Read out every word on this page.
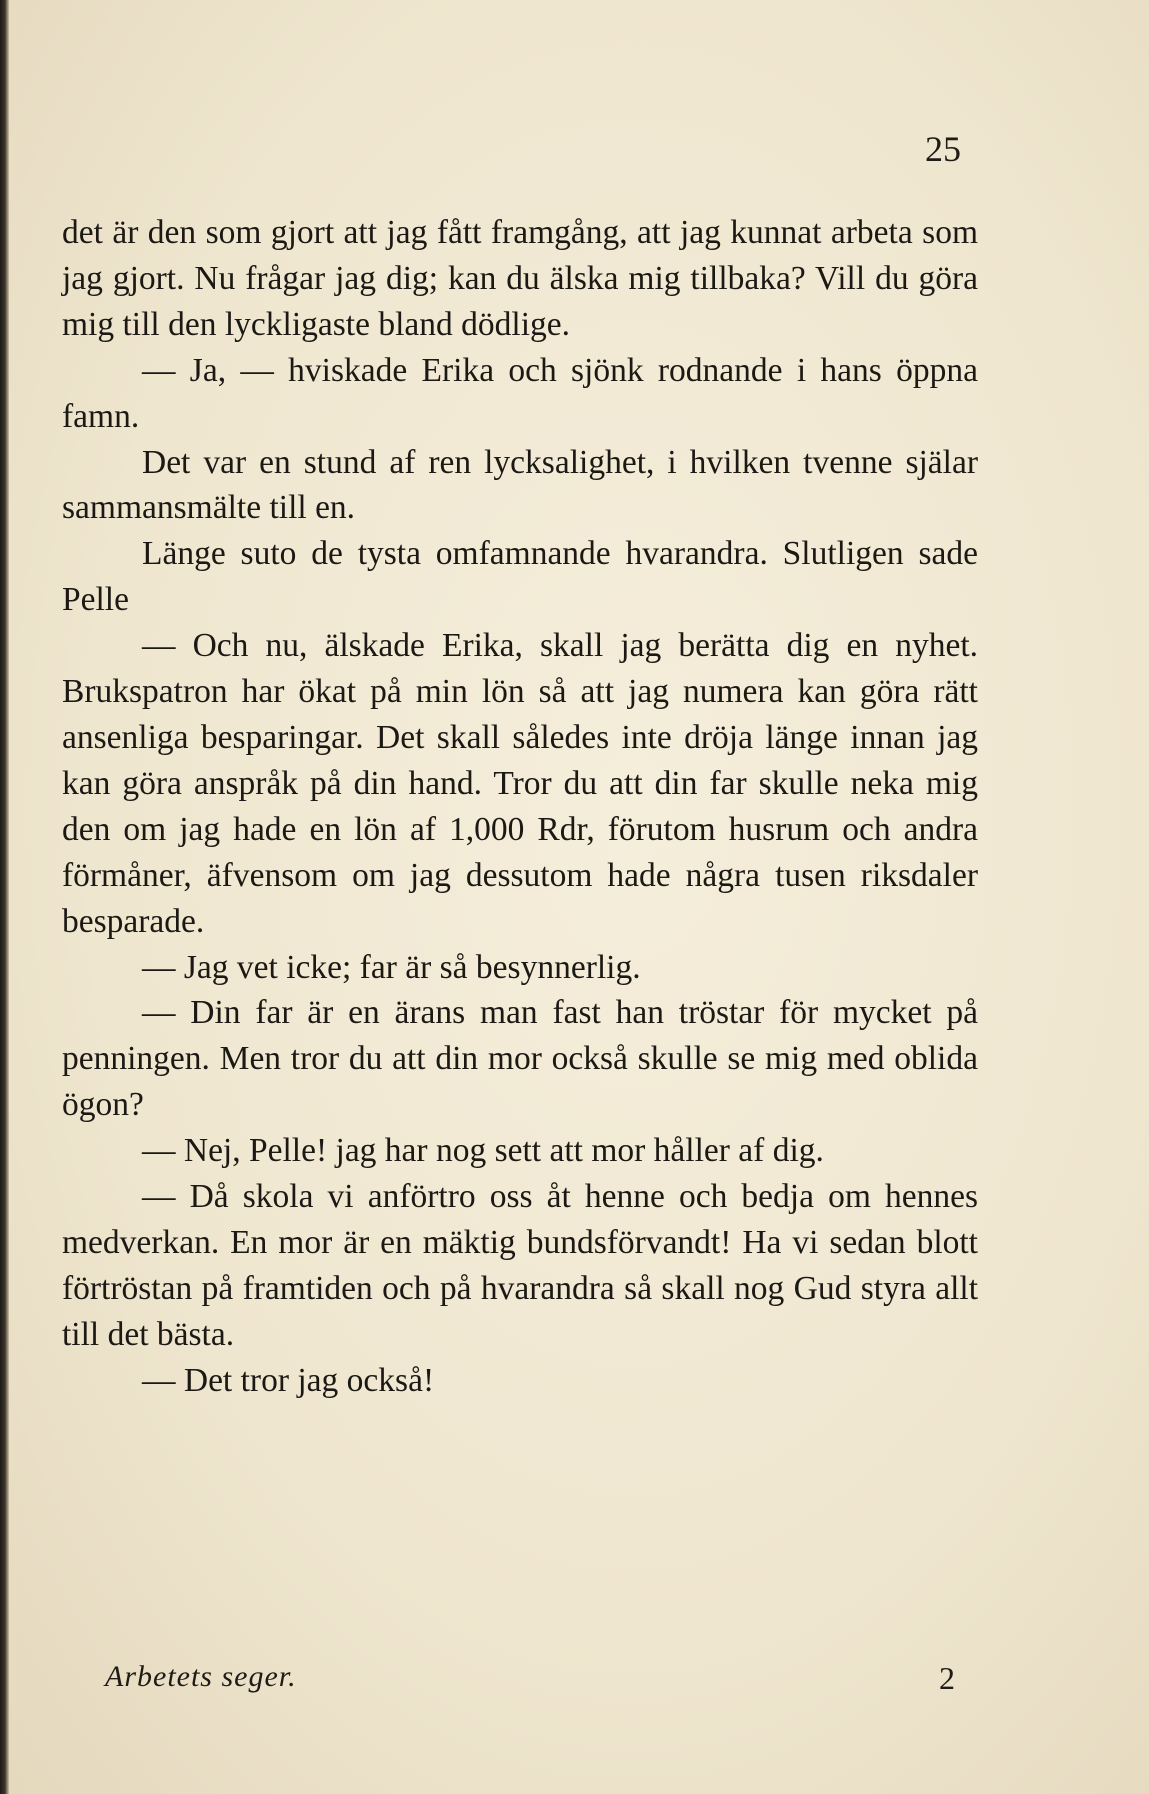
25

det är den som gjort att jag fått framgång, att jag kunnat arbeta som jag gjort. Nu frågar jag dig; kan du älska mig tillbaka? Vill du göra mig till den lyckligaste bland dödlige.

— Ja, — hviskade Erika och sjönk rodnande i hans öppna famn.

Det var en stund af ren lycksalighet, i hvilken tvenne själar sammansmälte till en.

Länge suto de tysta omfamnande hvarandra. Slutligen sade Pelle

— Och nu, älskade Erika, skall jag berätta dig en nyhet. Brukspatron har ökat på min lön så att jag numera kan göra rätt ansenliga besparingar. Det skall således inte dröja länge innan jag kan göra anspråk på din hand. Tror du att din far skulle neka mig den om jag hade en lön af 1,000 Rdr, förutom husrum och andra förmåner, äfvensom om jag dessutom hade några tusen riksdaler besparade.

— Jag vet icke; far är så besynnerlig.

— Din far är en ärans man fast han tröstar för mycket på penningen. Men tror du att din mor också skulle se mig med oblida ögon?

— Nej, Pelle! jag har nog sett att mor håller af dig.

— Då skola vi anförtro oss åt henne och bedja om hennes medverkan. En mor är en mäktig bundsförvandt! Ha vi sedan blott förtröstan på framtiden och på hvarandra så skall nog Gud styra allt till det bästa.

— Det tror jag också!

Arbetets seger.	2
